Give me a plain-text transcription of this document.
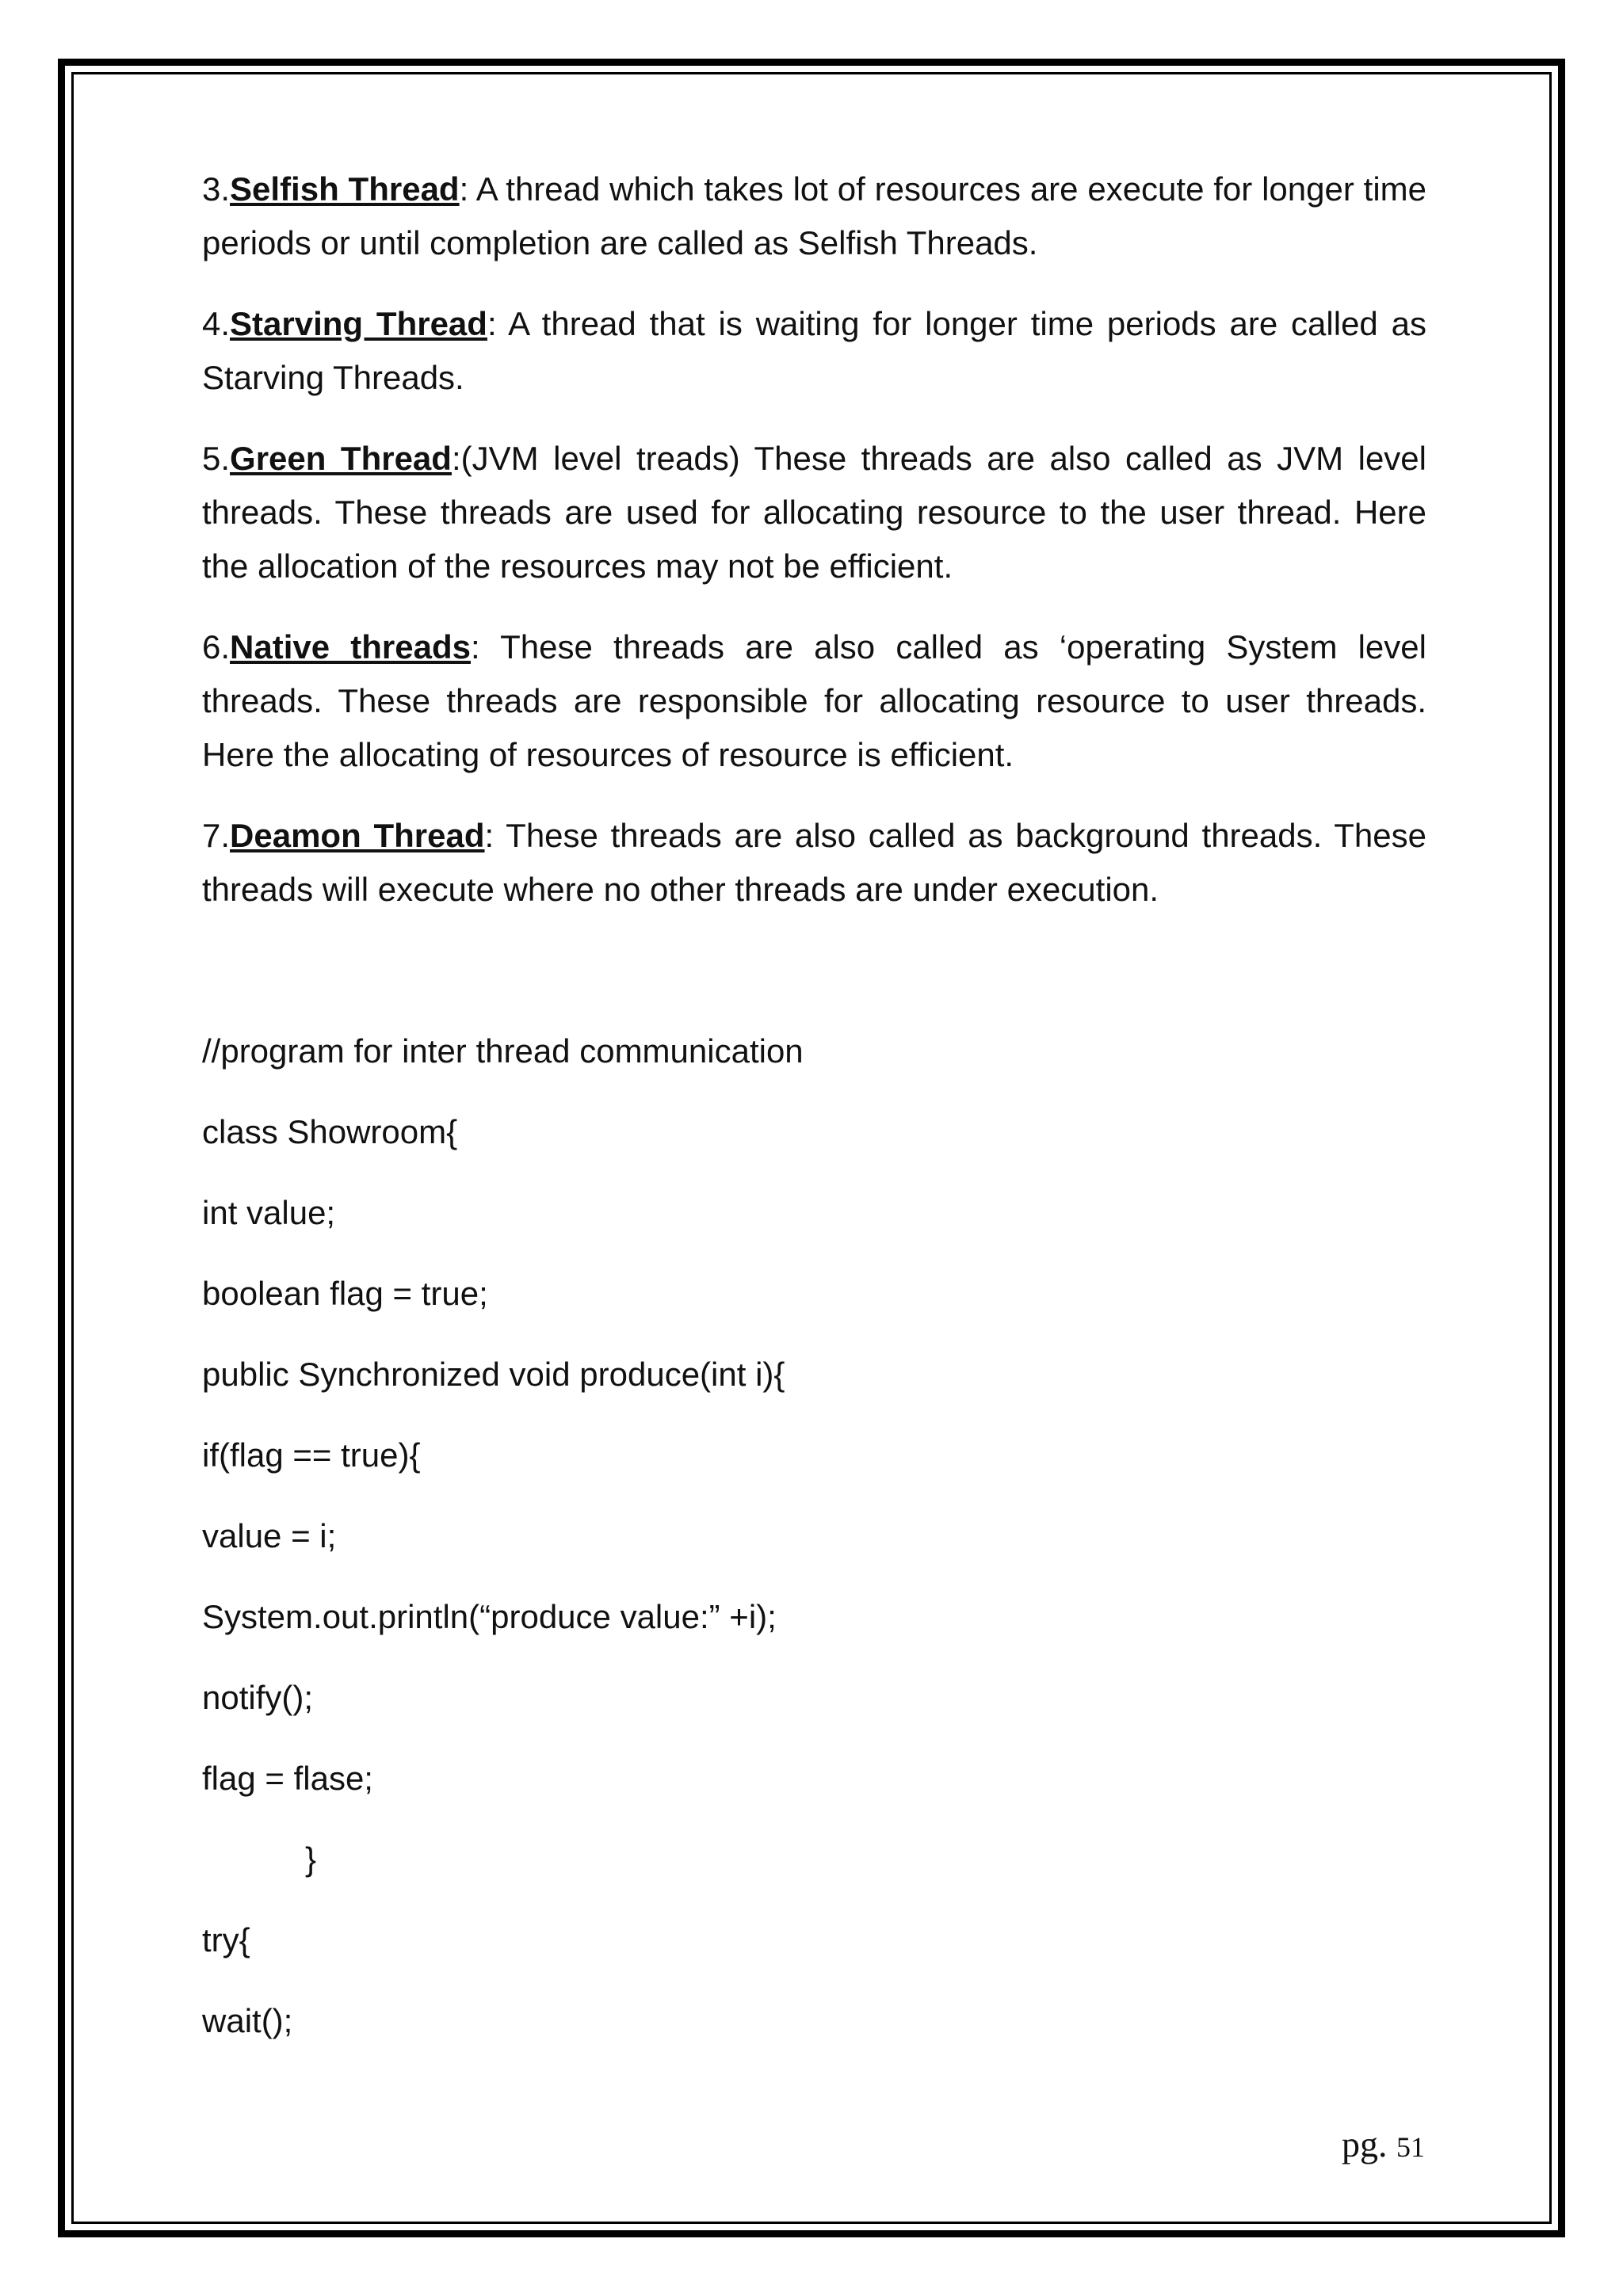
3.Selfish Thread: A thread which takes lot of resources are execute for longer time periods or until completion are called as Selfish Threads.

4.Starving Thread: A thread that is waiting for longer time periods are called as Starving Threads.

5.Green Thread:(JVM level treads) These threads are also called as JVM level threads. These threads are used for allocating resource to the user thread. Here the allocation of the resources may not be efficient.

6.Native threads: These threads are also called as ‘operating System level threads. These threads are responsible for allocating resource to user threads. Here the allocating of resources of resource is efficient.

7.Deamon Thread: These threads are also called as background threads. These threads will execute where no other threads are under execution.

//program for inter thread communication

class Showroom{

int value;

boolean flag = true;

public Synchronized void produce(int i){

if(flag == true){

value = i;

System.out.println(“produce value:” +i);

notify();

flag = flase;

}

try{

wait();

pg. 51
